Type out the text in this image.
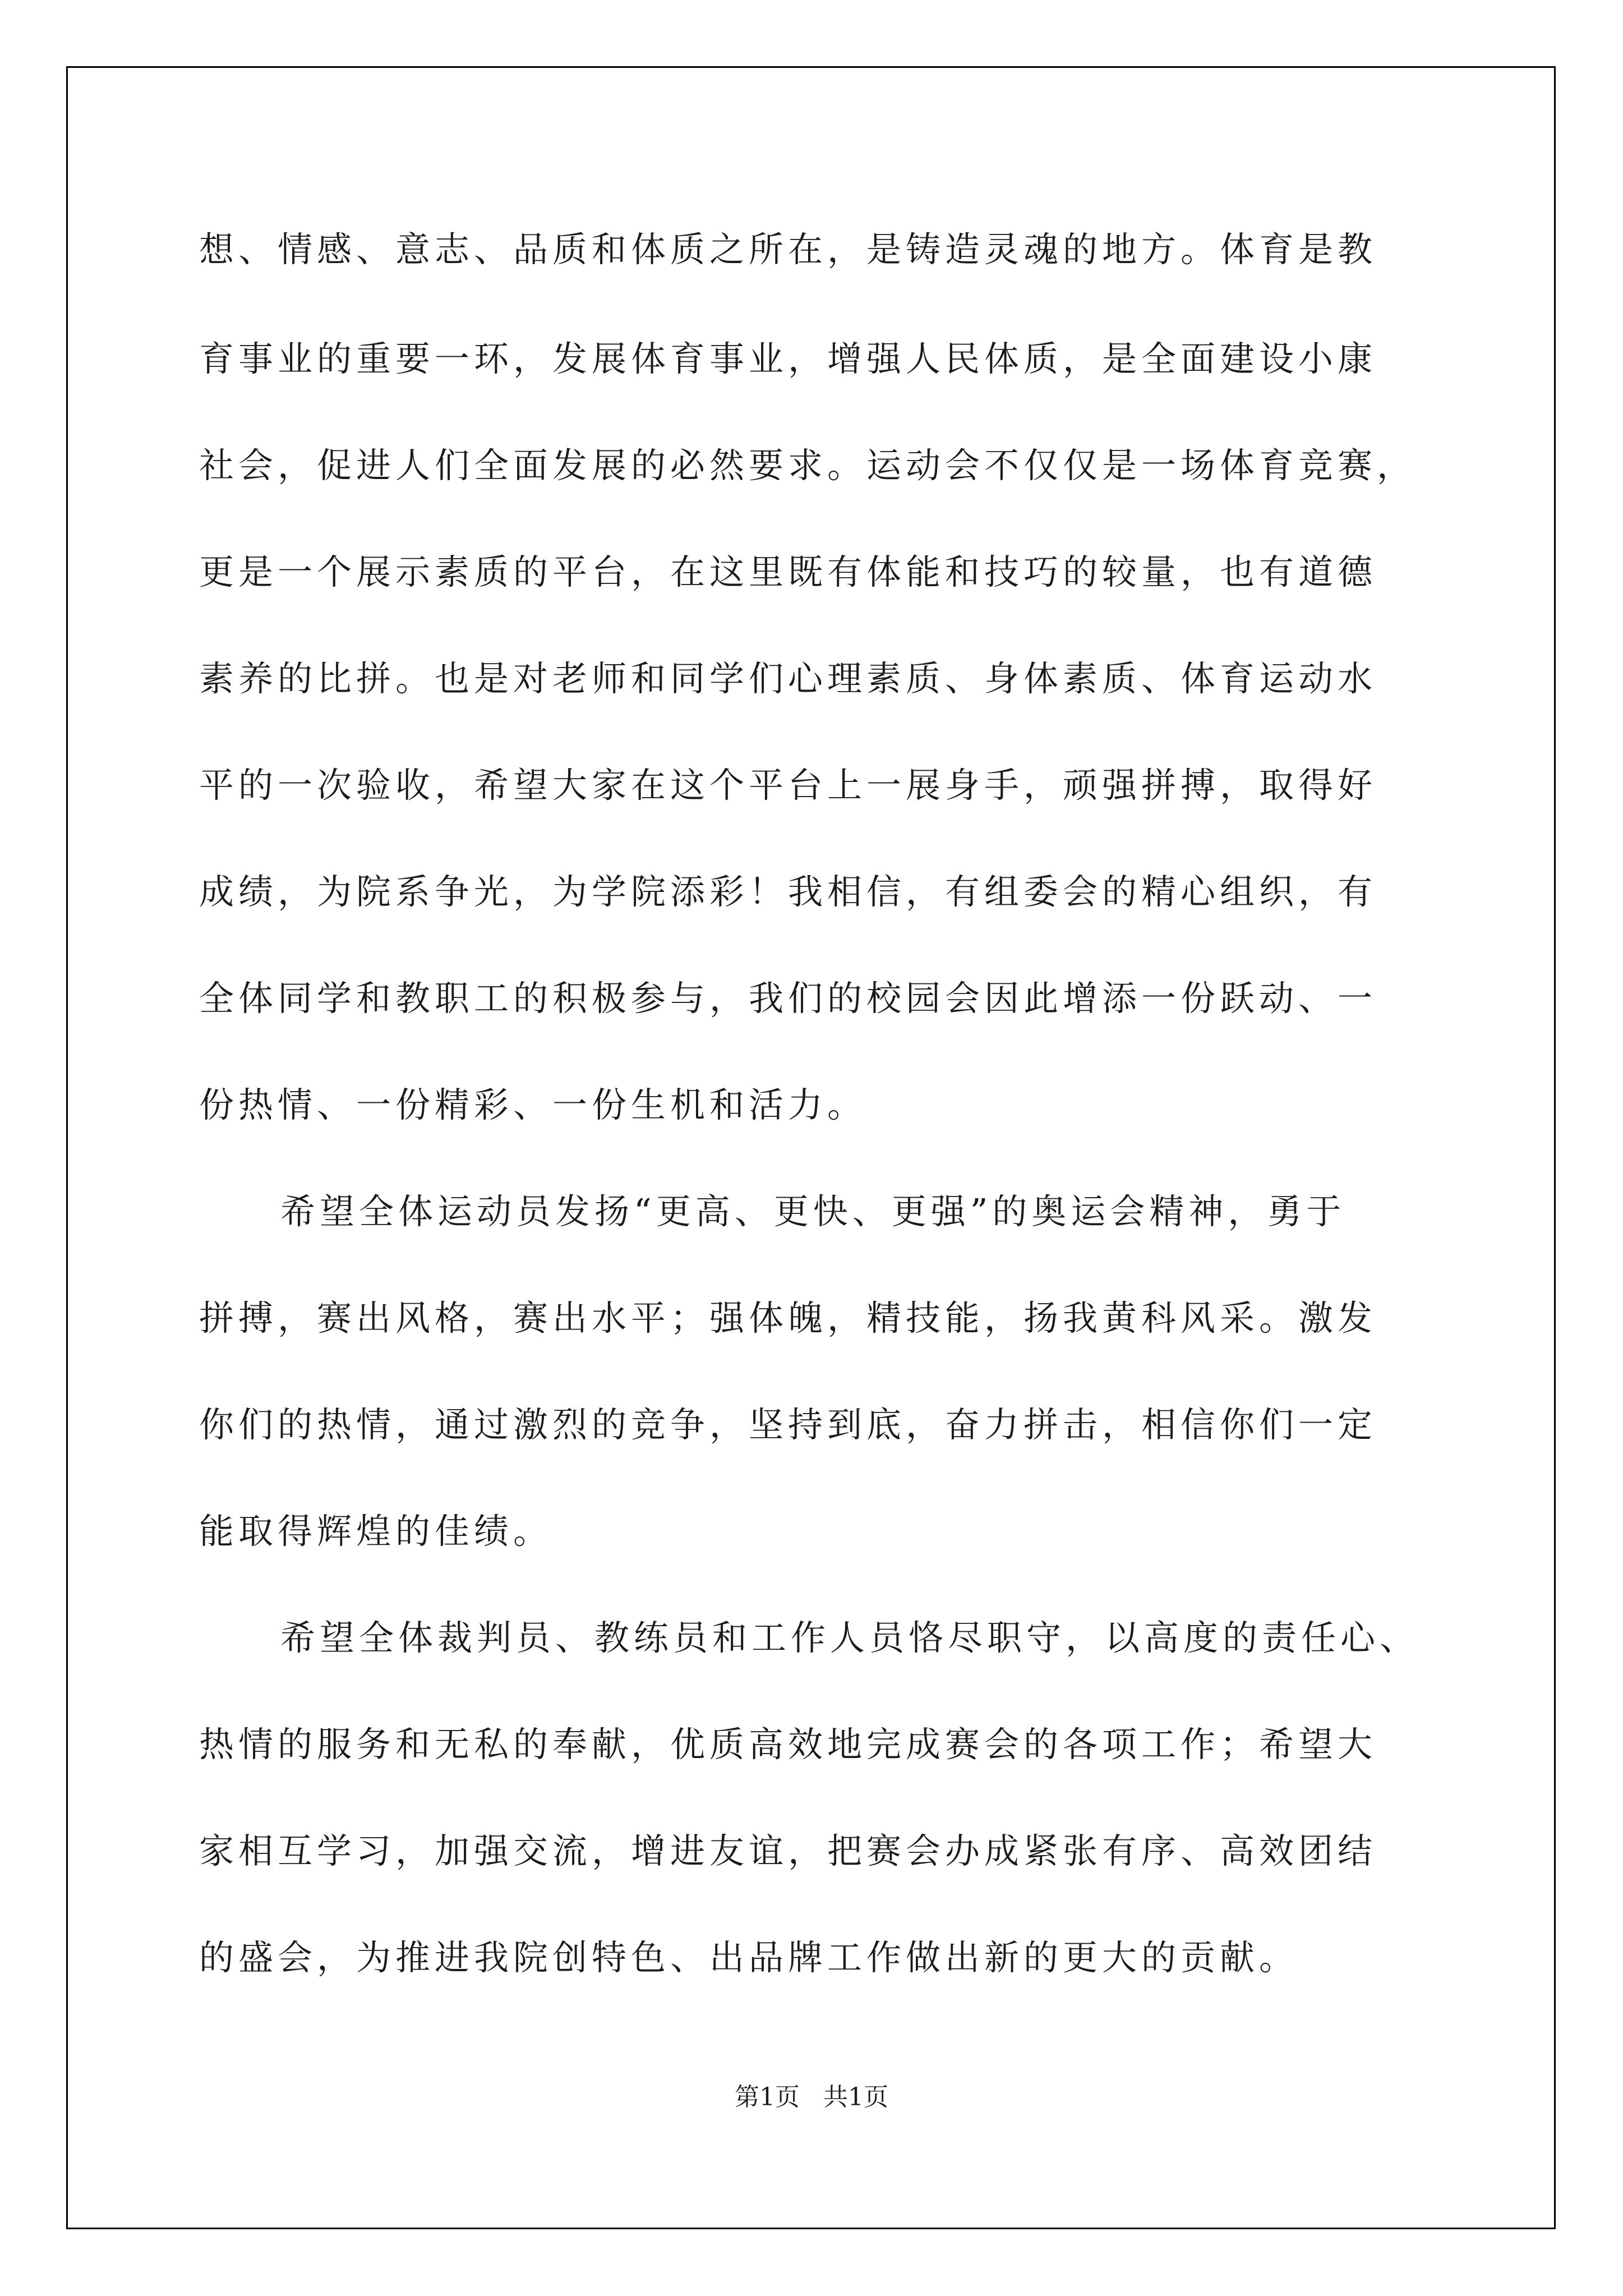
想、情感、意志、品质和体质之所在，是铸造灵魂的地方。体育是教
育事业的重要一环，发展体育事业，增强人民体质，是全面建设小康
社会，促进人们全面发展的必然要求。运动会不仅仅是一场体育竞赛，
更是一个展示素质的平台，在这里既有体能和技巧的较量，也有道德
素养的比拼。也是对老师和同学们心理素质、身体素质、体育运动水
平的一次验收，希望大家在这个平台上一展身手，顽强拼搏，取得好
成绩，为院系争光，为学院添彩！我相信，有组委会的精心组织，有
全体同学和教职工的积极参与，我们的校园会因此增添一份跃动、一
份热情、一份精彩、一份生机和活力。
希望全体运动员发扬“更高、更快、更强”的奥运会精神，勇于
拼搏，赛出风格，赛出水平；强体魄，精技能，扬我黄科风采。激发
你们的热情，通过激烈的竞争，坚持到底，奋力拼击，相信你们一定
能取得辉煌的佳绩。
希望全体裁判员、教练员和工作人员恪尽职守，以高度的责任心、
热情的服务和无私的奉献，优质高效地完成赛会的各项工作；希望大
家相互学习，加强交流，增进友谊，把赛会办成紧张有序、高效团结
的盛会，为推进我院创特色、出品牌工作做出新的更大的贡献。
第1页   共1页
